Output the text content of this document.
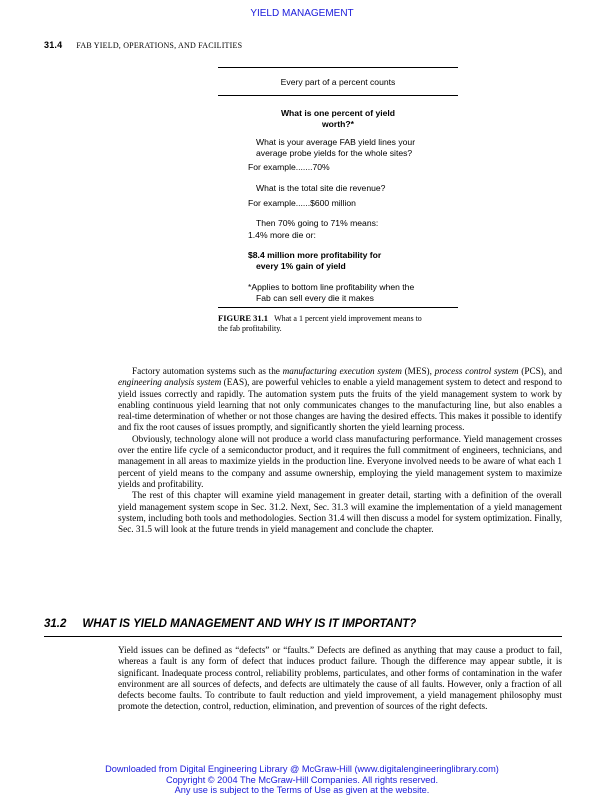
YIELD MANAGEMENT
31.4 FAB YIELD, OPERATIONS, AND FACILITIES
Every part of a percent counts
What is one percent of yield
worth?*
What is your average FAB yield lines your
average probe yields for the whole sites?
For example.......70%
What is the total site die revenue?
For example......$600 million
Then 70% going to 71% means:
1.4% more die or:
$8.4 million more profitability for
every 1% gain of yield
*Applies to bottom line profitability when the
Fab can sell every die it makes
FIGURE 31.1 What a 1 percent yield improvement means to
the fab profitability.

Factory automation systems such as the manufacturing execution system (MES), process control system (PCS), and engineering analysis system (EAS), are powerful vehicles to enable a yield management system to detect and respond to yield issues correctly and rapidly. The automation system puts the fruits of the yield management system to work by enabling continuous yield learning that not only communicates changes to the manufacturing line, but also enables a real-time determination of whether or not those changes are having the desired effects. This makes it possible to identify and fix the root causes of issues promptly, and significantly shorten the yield learning process.

Obviously, technology alone will not produce a world class manufacturing performance. Yield management crosses over the entire life cycle of a semiconductor product, and it requires the full commitment of engineers, technicians, and management in all areas to maximize yields in the production line. Everyone involved needs to be aware of what each 1 percent of yield means to the company and assume ownership, employing the yield management system to maximize yields and profitability.

The rest of this chapter will examine yield management in greater detail, starting with a definition of the overall yield management system scope in Sec. 31.2. Next, Sec. 31.3 will examine the implementation of a yield management system, including both tools and methodologies. Section 31.4 will then discuss a model for system optimization. Finally, Sec. 31.5 will look at the future trends in yield management and conclude the chapter.

31.2 WHAT IS YIELD MANAGEMENT AND WHY IS IT IMPORTANT?

Yield issues can be defined as “defects” or “faults.” Defects are defined as anything that may cause a product to fail, whereas a fault is any form of defect that induces product failure. Though the difference may appear subtle, it is significant. Inadequate process control, reliability problems, particulates, and other forms of contamination in the wafer environment are all sources of defects, and defects are ultimately the cause of all faults. However, only a fraction of all defects become faults. To contribute to fault reduction and yield improvement, a yield management philosophy must promote the detection, control, reduction, elimination, and prevention of sources of the right defects.

Downloaded from Digital Engineering Library @ McGraw-Hill (www.digitalengineeringlibrary.com)
Copyright © 2004 The McGraw-Hill Companies. All rights reserved.
Any use is subject to the Terms of Use as given at the website.
